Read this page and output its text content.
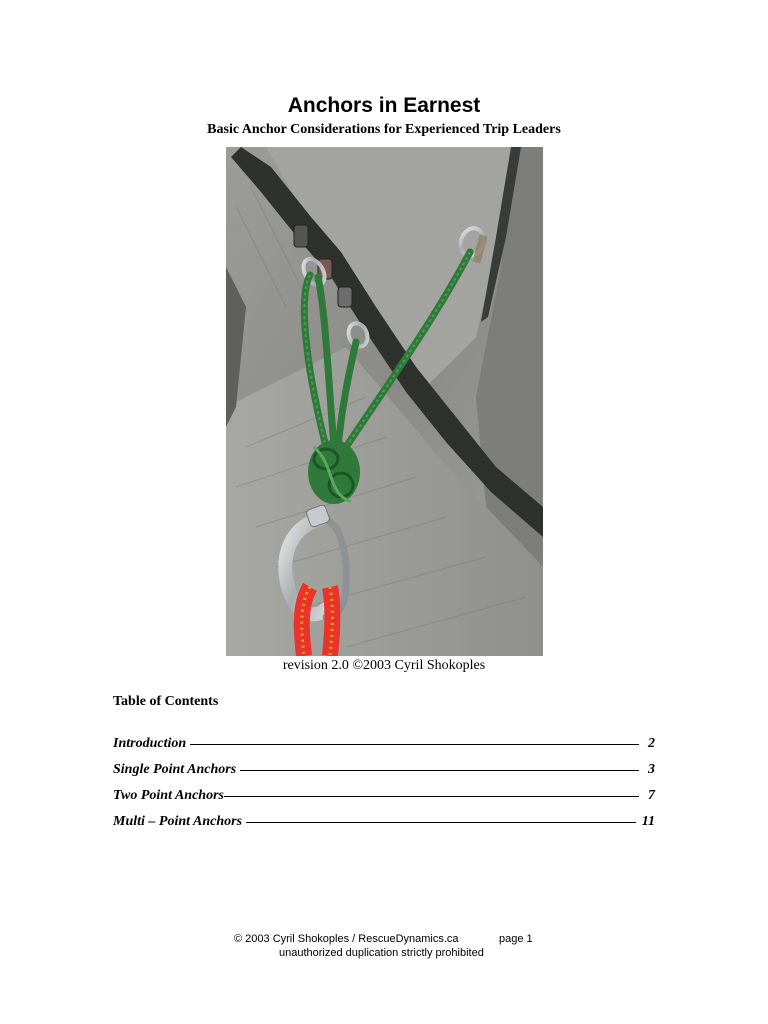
Anchors in Earnest
Basic Anchor Considerations for Experienced Trip Leaders
revision 2.0 ©2003 Cyril Shokoples
Table of Contents
Introduction	2
Single Point Anchors	3
Two Point Anchors	7
Multi – Point Anchors	11
© 2003 Cyril Shokoples / RescueDynamics.ca	page 1
unauthorized duplication strictly prohibited
